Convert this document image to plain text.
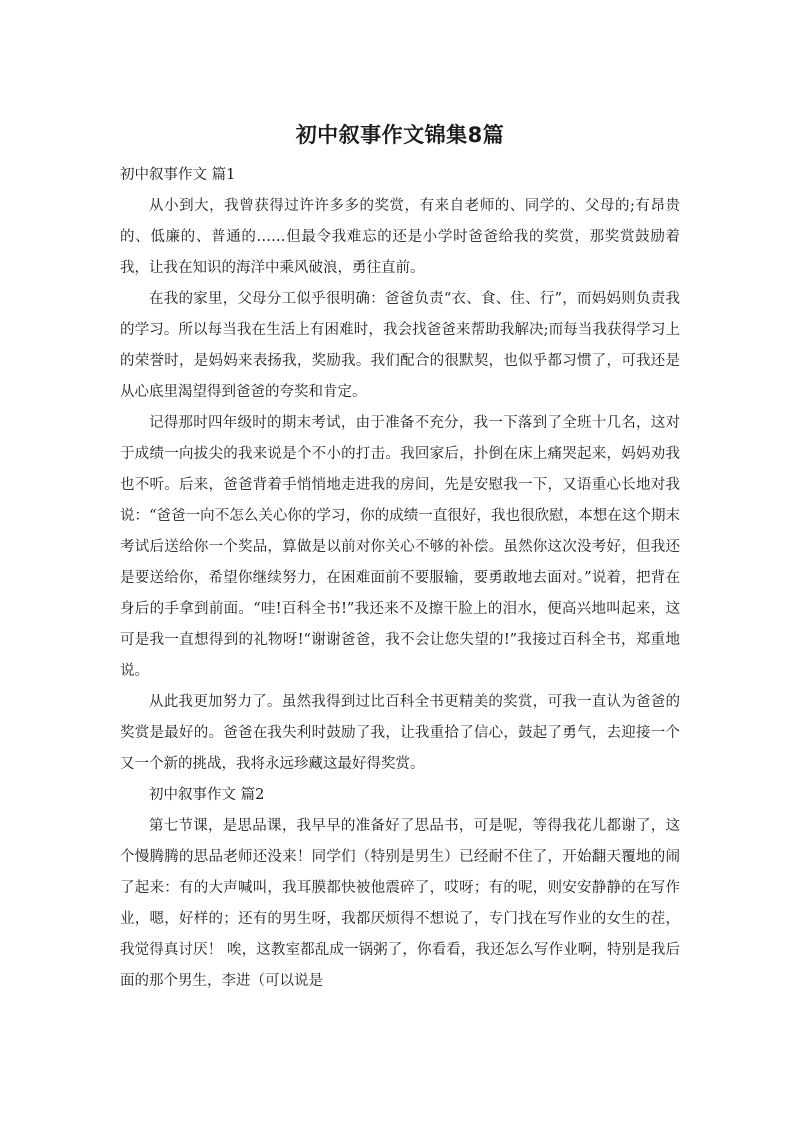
初中叙事作文锦集8篇

初中叙事作文 篇1

从小到大，我曾获得过许许多多的奖赏，有来自老师的、同学的、父母的;有昂贵的、低廉的、普通的……但最令我难忘的还是小学时爸爸给我的奖赏，那奖赏鼓励着我，让我在知识的海洋中乘风破浪，勇往直前。

在我的家里，父母分工似乎很明确：爸爸负责“衣、食、住、行”，而妈妈则负责我的学习。所以每当我在生活上有困难时，我会找爸爸来帮助我解决;而每当我获得学习上的荣誉时，是妈妈来表扬我，奖励我。我们配合的很默契，也似乎都习惯了，可我还是从心底里渴望得到爸爸的夸奖和肯定。

记得那时四年级时的期末考试，由于准备不充分，我一下落到了全班十几名，这对于成绩一向拔尖的我来说是个不小的打击。我回家后，扑倒在床上痛哭起来，妈妈劝我也不听。后来，爸爸背着手悄悄地走进我的房间，先是安慰我一下，又语重心长地对我说：“爸爸一向不怎么关心你的学习，你的成绩一直很好，我也很欣慰，本想在这个期末考试后送给你一个奖品，算做是以前对你关心不够的补偿。虽然你这次没考好，但我还是要送给你，希望你继续努力，在困难面前不要服输，要勇敢地去面对。”说着，把背在身后的手拿到前面。“哇!百科全书!”我还来不及擦干脸上的泪水，便高兴地叫起来，这可是我一直想得到的礼物呀!“谢谢爸爸，我不会让您失望的!”我接过百科全书，郑重地说。

从此我更加努力了。虽然我得到过比百科全书更精美的奖赏，可我一直认为爸爸的奖赏是最好的。爸爸在我失利时鼓励了我，让我重拾了信心，鼓起了勇气，去迎接一个又一个新的挑战，我将永远珍藏这最好得奖赏。

初中叙事作文 篇2

第七节课，是思品课，我早早的准备好了思品书，可是呢，等得我花儿都谢了，这个慢腾腾的思品老师还没来！同学们（特别是男生）已经耐不住了，开始翻天覆地的闹了起来：有的大声喊叫，我耳膜都快被他震碎了，哎呀；有的呢，则安安静静的在写作业，嗯，好样的；还有的男生呀，我都厌烦得不想说了，专门找在写作业的女生的茬，我觉得真讨厌！ 唉，这教室都乱成一锅粥了，你看看，我还怎么写作业啊，特别是我后面的那个男生，李进（可以说是
